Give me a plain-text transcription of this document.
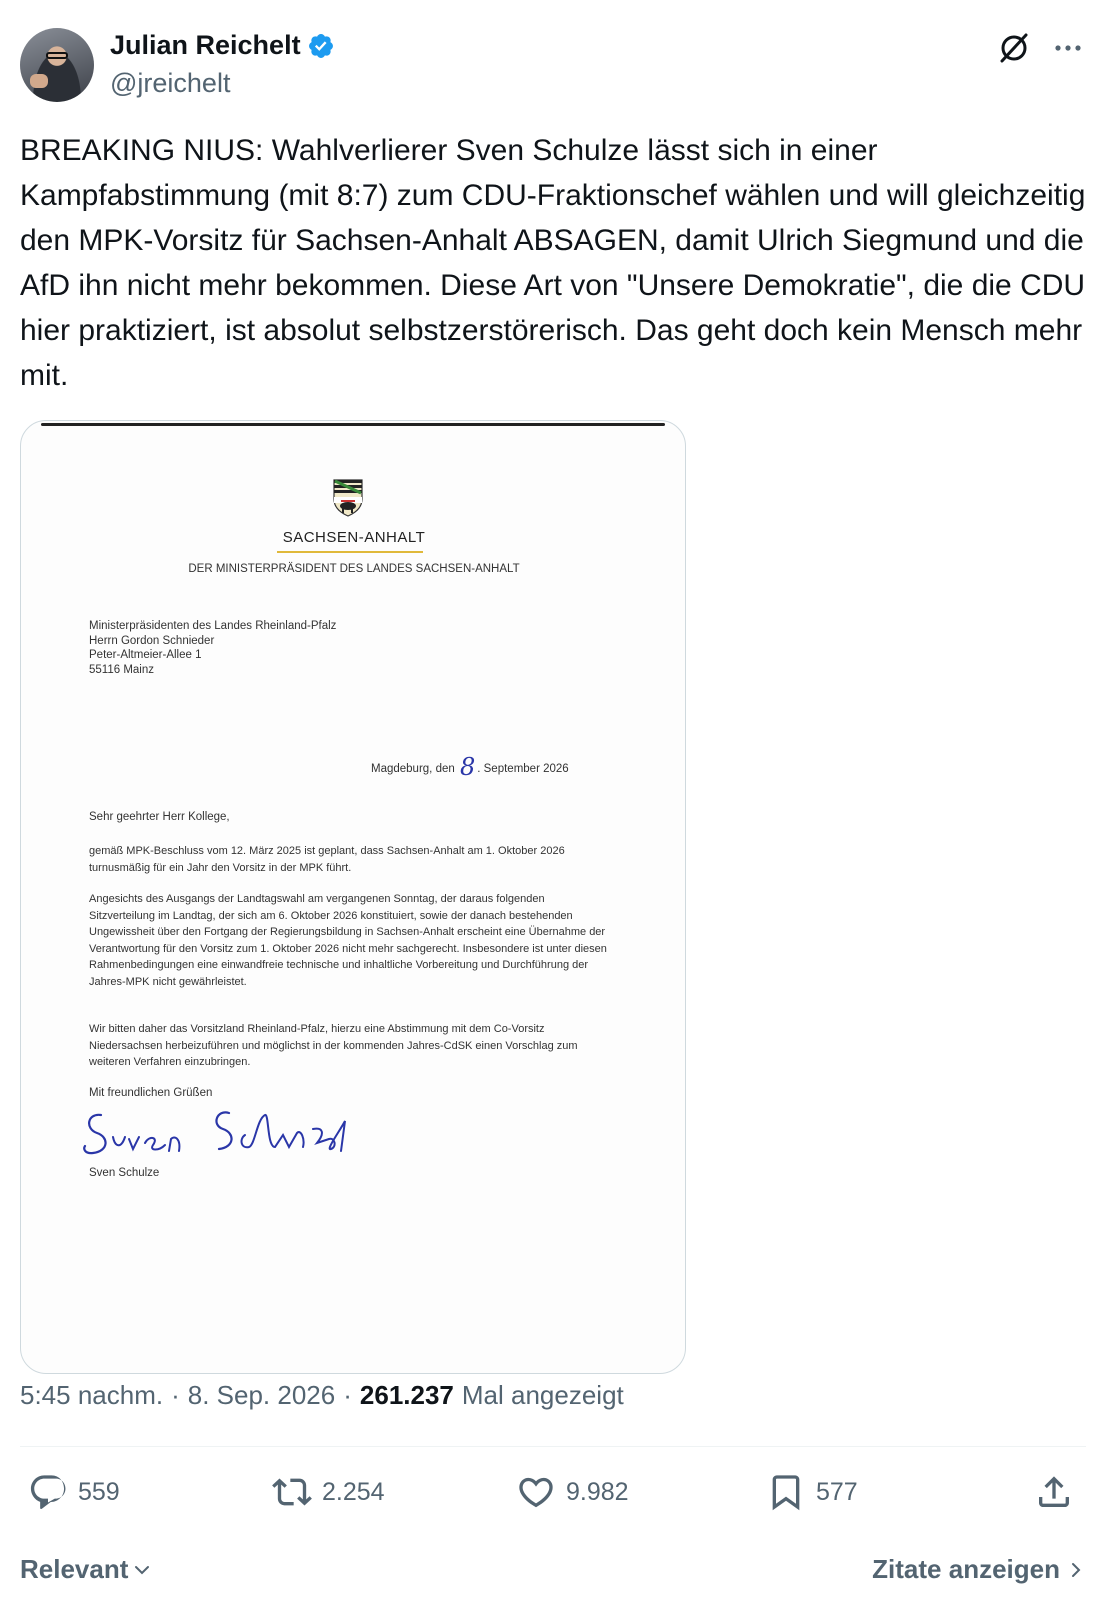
Julian Reichelt
@jreichelt
BREAKING NIUS: Wahlverlierer Sven Schulze lässt sich in einer Kampfabstimmung (mit 8:7) zum CDU-Fraktionschef wählen und will gleichzeitig den MPK-Vorsitz für Sachsen-Anhalt ABSAGEN, damit Ulrich Siegmund und die AfD ihn nicht mehr bekommen. Diese Art von "Unsere Demokratie", die die CDU hier praktiziert, ist absolut selbstzerstörerisch. Das geht doch kein Mensch mehr mit.
SACHSEN-ANHALT
DER MINISTERPRÄSIDENT DES LANDES SACHSEN-ANHALT
Ministerpräsidenten des Landes Rheinland-Pfalz
Herrn Gordon Schnieder
Peter-Altmeier-Allee 1
55116 Mainz
Magdeburg, den 8 . September 2026
Sehr geehrter Herr Kollege,
gemäß MPK-Beschluss vom 12. März 2025 ist geplant, dass Sachsen-Anhalt am 1. Oktober 2026 turnusmäßig für ein Jahr den Vorsitz in der MPK führt.
Angesichts des Ausgangs der Landtagswahl am vergangenen Sonntag, der daraus folgenden Sitzverteilung im Landtag, der sich am 6. Oktober 2026 konstituiert, sowie der danach bestehenden Ungewissheit über den Fortgang der Regierungsbildung in Sachsen-Anhalt erscheint eine Übernahme der Verantwortung für den Vorsitz zum 1. Oktober 2026 nicht mehr sachgerecht. Insbesondere ist unter diesen Rahmenbedingungen eine einwandfreie technische und inhaltliche Vorbereitung und Durchführung der Jahres-MPK nicht gewährleistet.
Wir bitten daher das Vorsitzland Rheinland-Pfalz, hierzu eine Abstimmung mit dem Co-Vorsitz Niedersachsen herbeizuführen und möglichst in der kommenden Jahres-CdSK einen Vorschlag zum weiteren Verfahren einzubringen.
Mit freundlichen Grüßen
Sven Schulze
5:45 nachm. · 8. Sep. 2026 · 261.237 Mal angezeigt
559	2.254	9.982	577
Relevant	Zitate anzeigen
